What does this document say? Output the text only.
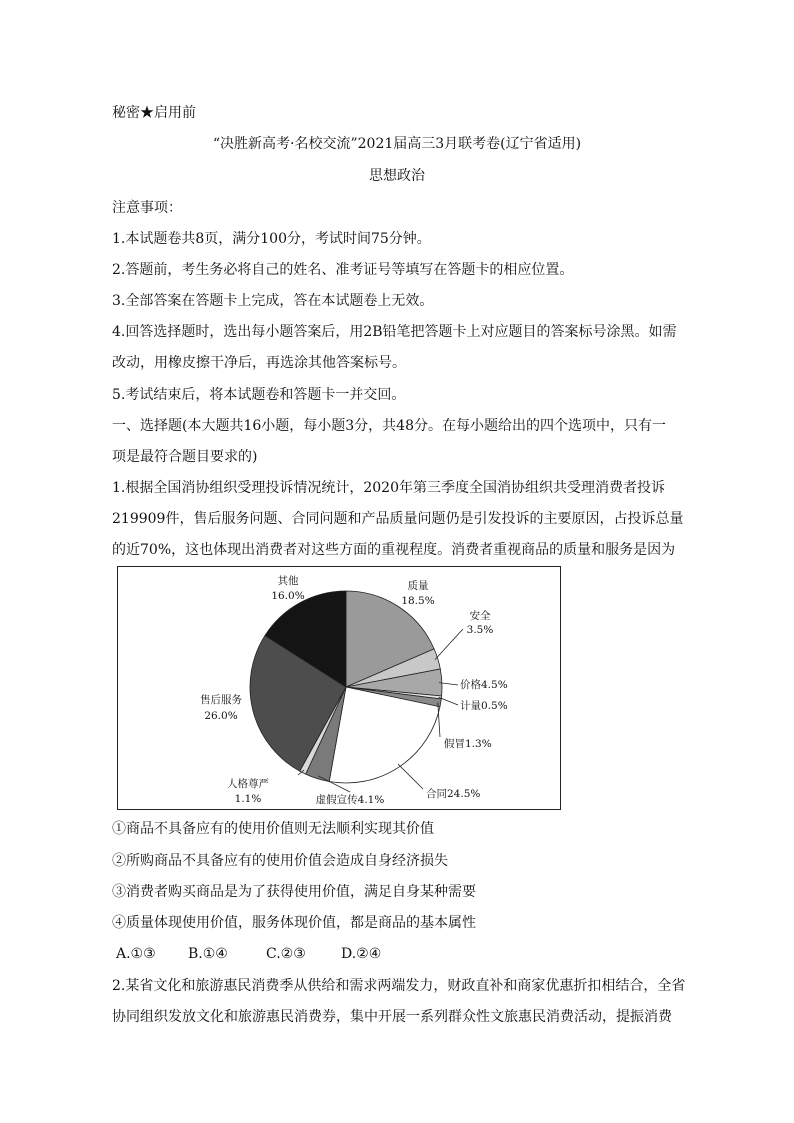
秘密★启用前
“决胜新高考·名校交流”2021届高三3月联考卷(辽宁省适用)
思想政治
注意事项：
1.本试题卷共8页，满分100分，考试时间75分钟。
2.答题前，考生务必将自己的姓名、准考证号等填写在答题卡的相应位置。
3.全部答案在答题卡上完成，答在本试题卷上无效。
4.回答选择题时，选出每小题答案后，用2B铅笔把答题卡上对应题目的答案标号涂黑。如需
改动，用橡皮擦干净后，再选涂其他答案标号。
5.考试结束后，将本试题卷和答题卡一并交回。
一、选择题(本大题共16小题，每小题3分，共48分。在每小题给出的四个选项中，只有一
项是最符合题目要求的)
1.根据全国消协组织受理投诉情况统计，2020年第三季度全国消协组织共受理消费者投诉
219909件，售后服务问题、合同问题和产品质量问题仍是引发投诉的主要原因，占投诉总量
的近70%，这也体现出消费者对这些方面的重视程度。消费者重视商品的质量和服务是因为
质量
18.5%
安全
3.5%
价格4.5%
计量0.5%
假冒1.3%
合同24.5%
虚假宣传4.1%
人格尊严
1.1%
售后服务
26.0%
其他
16.0%
①商品不具备应有的使用价值则无法顺利实现其价值
②所购商品不具备应有的使用价值会造成自身经济损失
③消费者购买商品是为了获得使用价值，满足自身某种需要
④质量体现使用价值，服务体现价值，都是商品的基本属性
A.①③ B.①④	C.②③	D.②④
2.某省文化和旅游惠民消费季从供给和需求两端发力，财政直补和商家优惠折扣相结合，全省
协同组织发放文化和旅游惠民消费券，集中开展一系列群众性文旅惠民消费活动，提振消费
